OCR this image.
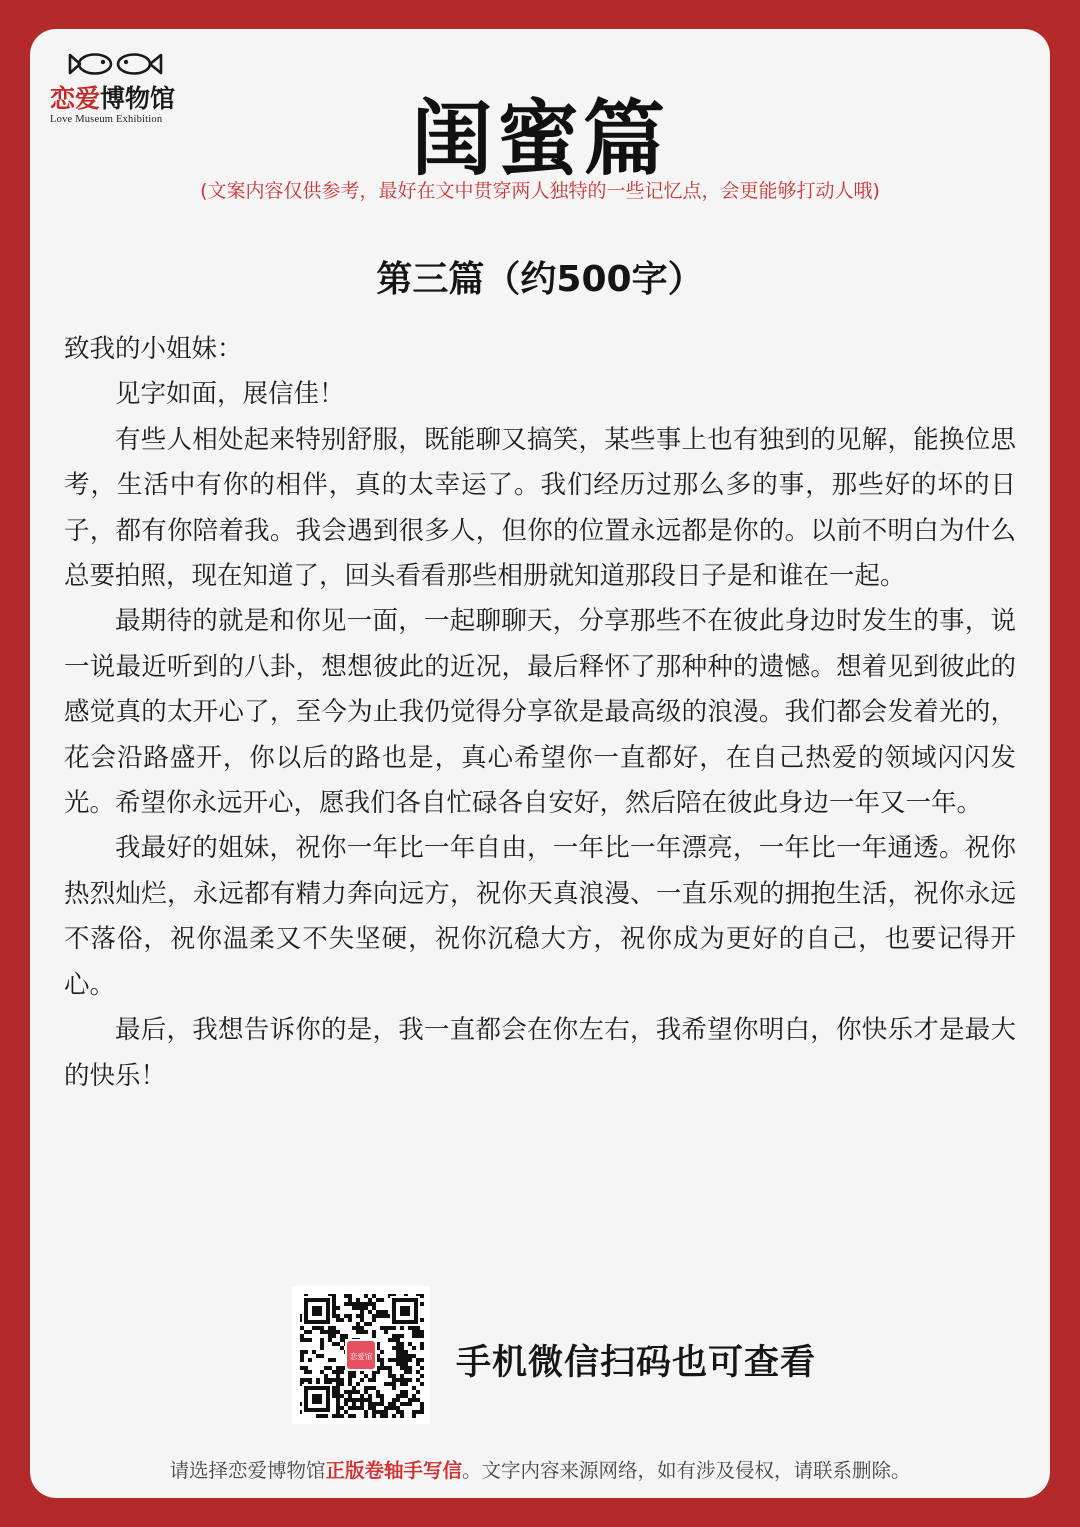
恋爱博物馆
Love Museum Exhibition	闺蜜篇
(文案内容仅供参考，最好在文中贯穿两人独特的一些记忆点，会更能够打动人哦)
第三篇（约500字）

致我的小姐妹：

见字如面，展信佳！

有些人相处起来特别舒服，既能聊又搞笑，某些事上也有独到的见解，能换位思考，生活中有你的相伴，真的太幸运了。我们经历过那么多的事，那些好的坏的日子，都有你陪着我。我会遇到很多人，但你的位置永远都是你的。以前不明白为什么总要拍照，现在知道了，回头看看那些相册就知道那段日子是和谁在一起。

最期待的就是和你见一面，一起聊聊天，分享那些不在彼此身边时发生的事，说一说最近听到的八卦，想想彼此的近况，最后释怀了那种种的遗憾。想着见到彼此的感觉真的太开心了，至今为止我仍觉得分享欲是最高级的浪漫。我们都会发着光的，花会沿路盛开，你以后的路也是，真心希望你一直都好，在自己热爱的领域闪闪发光。希望你永远开心，愿我们各自忙碌各自安好，然后陪在彼此身边一年又一年。

我最好的姐妹，祝你一年比一年自由，一年比一年漂亮，一年比一年通透。祝你热烈灿烂，永远都有精力奔向远方，祝你天真浪漫、一直乐观的拥抱生活，祝你永远不落俗，祝你温柔又不失坚硬，祝你沉稳大方，祝你成为更好的自己，也要记得开心。

最后，我想告诉你的是，我一直都会在你左右，我希望你明白，你快乐才是最大的快乐！

恋爱馆 手机微信扫码也可查看
请选择恋爱博物馆正版卷轴手写信。文字内容来源网络，如有涉及侵权，请联系删除。
